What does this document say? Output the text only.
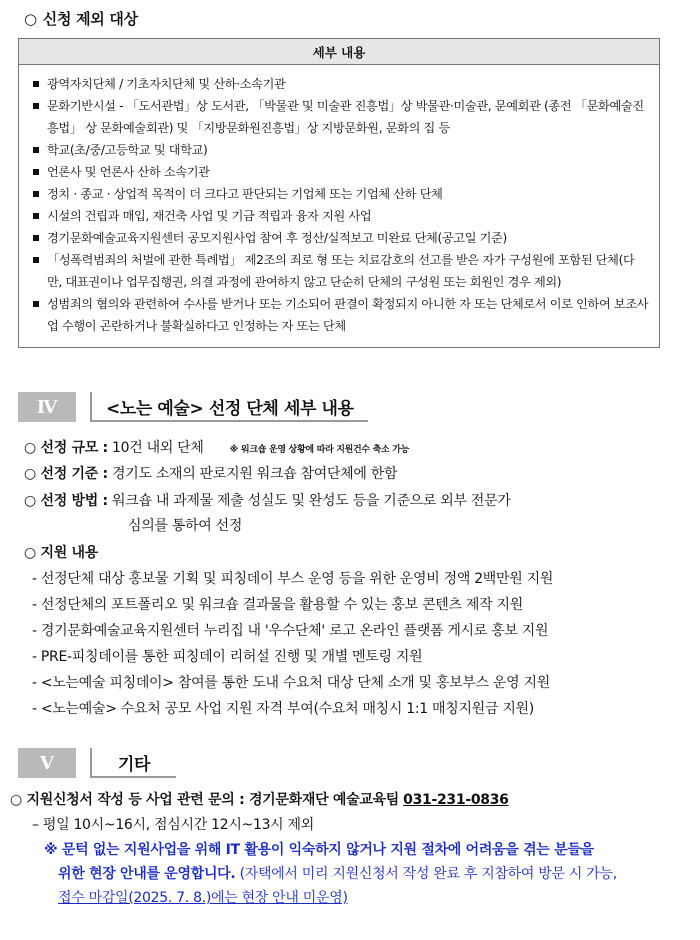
○ 신청 제외 대상
세부 내용

광역자치단체 / 기초자치단체 및 산하·소속기관
문화기반시설 - 「도서관법」상 도서관, 「박물관 및 미술관 진흥법」상 박물관·미술관, 문예회관 (종전 「문화예술진흥법」 상 문화예술회관) 및 「지방문화원진흥법」상 지방문화원, 문화의 집 등
학교(초/중/고등학교 및 대학교)
언론사 및 언론사 산하 소속기관
정치 · 종교 · 상업적 목적이 더 크다고 판단되는 기업체 또는 기업체 산하 단체
시설의 건립과 매입, 재건축 사업 및 기금 적립과 융자 지원 사업
경기문화예술교육지원센터 공모지원사업 참여 후 정산/실적보고 미완료 단체(공고일 기준)
「성폭력범죄의 처벌에 관한 특례법」 제2조의 죄로 형 또는 치료감호의 선고를 받은 자가 구성원에 포함된 단체(다만, 대표권이나 업무집행권, 의결 과정에 관여하지 않고 단순히 단체의 구성원 또는 회원인 경우 제외)
성범죄의 혐의와 관련하여 수사를 받거나 또는 기소되어 판결이 확정되지 아니한 자 또는 단체로서 이로 인하여 보조사업 수행이 곤란하거나 불확실하다고 인정하는 자 또는 단체
Ⅳ	<노는 예술> 선정 단체 세부 내용
○ 선정 규모 : 10건 내외 단체	※ 워크숍 운영 상황에 따라 지원건수 축소 가능
○ 선정 기준 : 경기도 소재의 판로지원 워크숍 참여단체에 한함
○ 선정 방법 : 워크숍 내 과제물 제출 성실도 및 완성도 등을 기준으로 외부 전문가
심의를 통하여 선정
○ 지원 내용
- 선정단체 대상 홍보물 기획 및 피칭데이 부스 운영 등을 위한 운영비 정액 2백만원 지원
- 선정단체의 포트폴리오 및 워크숍 결과물을 활용할 수 있는 홍보 콘텐츠 제작 지원
- 경기문화예술교육지원센터 누리집 내 '우수단체' 로고 온라인 플랫폼 게시로 홍보 지원
- PRE-피칭데이를 통한 피칭데이 리허설 진행 및 개별 멘토링 지원
- <노는예술 피칭데이> 참여를 통한 도내 수요처 대상 단체 소개 및 홍보부스 운영 지원
- <노는예술> 수요처 공모 사업 지원 자격 부여(수요처 매칭시 1:1 매칭지원금 지원)
Ⅴ	기타
○ 지원신청서 작성 등 사업 관련 문의 : 경기문화재단 예술교육팀 031-231-0836
– 평일 10시~16시, 점심시간 12시~13시 제외
※ 문턱 없는 지원사업을 위해 IT 활용이 익숙하지 않거나 지원 절차에 어려움을 겪는 분들을
위한 현장 안내를 운영합니다. (자택에서 미리 지원신청서 작성 완료 후 지참하여 방문 시 가능,
접수 마감일(2025. 7. 8.)에는 현장 안내 미운영)
